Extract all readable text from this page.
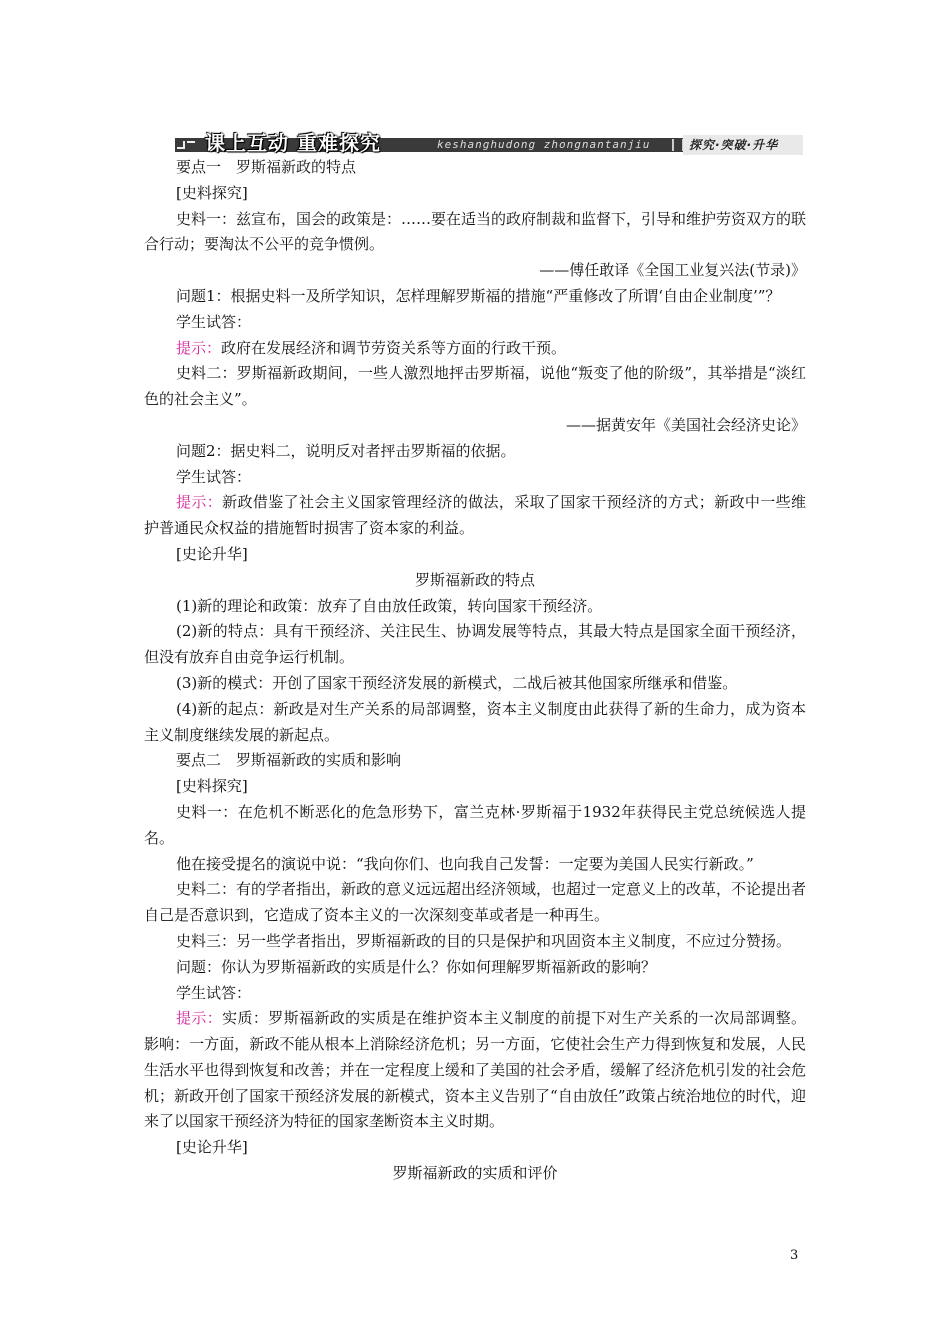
课上互动 重难探究	keshanghudong zhongnantanjiu	探究·突破·升华

要点一　罗斯福新政的特点

[史料探究]

史料一：兹宣布，国会的政策是：……要在适当的政府制裁和监督下，引导和维护劳资双方的联合行动；要淘汰不公平的竞争惯例。

——傅任敢译《全国工业复兴法(节录)》

问题1：根据史料一及所学知识，怎样理解罗斯福的措施“严重修改了所谓‘自由企业制度’”？

学生试答：

提示：政府在发展经济和调节劳资关系等方面的行政干预。

史料二：罗斯福新政期间，一些人激烈地抨击罗斯福，说他“叛变了他的阶级”，其举措是“淡红色的社会主义”。

——据黄安年《美国社会经济史论》

问题2：据史料二，说明反对者抨击罗斯福的依据。

学生试答：

提示：新政借鉴了社会主义国家管理经济的做法，采取了国家干预经济的方式；新政中一些维护普通民众权益的措施暂时损害了资本家的利益。

[史论升华]

罗斯福新政的特点

(1)新的理论和政策：放弃了自由放任政策，转向国家干预经济。

(2)新的特点：具有干预经济、关注民生、协调发展等特点，其最大特点是国家全面干预经济，但没有放弃自由竞争运行机制。

(3)新的模式：开创了国家干预经济发展的新模式，二战后被其他国家所继承和借鉴。

(4)新的起点：新政是对生产关系的局部调整，资本主义制度由此获得了新的生命力，成为资本主义制度继续发展的新起点。

要点二　罗斯福新政的实质和影响

[史料探究]

史料一：在危机不断恶化的危急形势下，富兰克林·罗斯福于1932年获得民主党总统候选人提名。

他在接受提名的演说中说：“我向你们、也向我自己发誓：一定要为美国人民实行新政。”

史料二：有的学者指出，新政的意义远远超出经济领域，也超过一定意义上的改革，不论提出者自己是否意识到，它造成了资本主义的一次深刻变革或者是一种再生。

史料三：另一些学者指出，罗斯福新政的目的只是保护和巩固资本主义制度，不应过分赞扬。

问题：你认为罗斯福新政的实质是什么？你如何理解罗斯福新政的影响？

学生试答：

提示：实质：罗斯福新政的实质是在维护资本主义制度的前提下对生产关系的一次局部调整。影响：一方面，新政不能从根本上消除经济危机；另一方面，它使社会生产力得到恢复和发展，人民生活水平也得到恢复和改善；并在一定程度上缓和了美国的社会矛盾，缓解了经济危机引发的社会危机；新政开创了国家干预经济发展的新模式，资本主义告别了“自由放任”政策占统治地位的时代，迎来了以国家干预经济为特征的国家垄断资本主义时期。

[史论升华]

罗斯福新政的实质和评价

3
